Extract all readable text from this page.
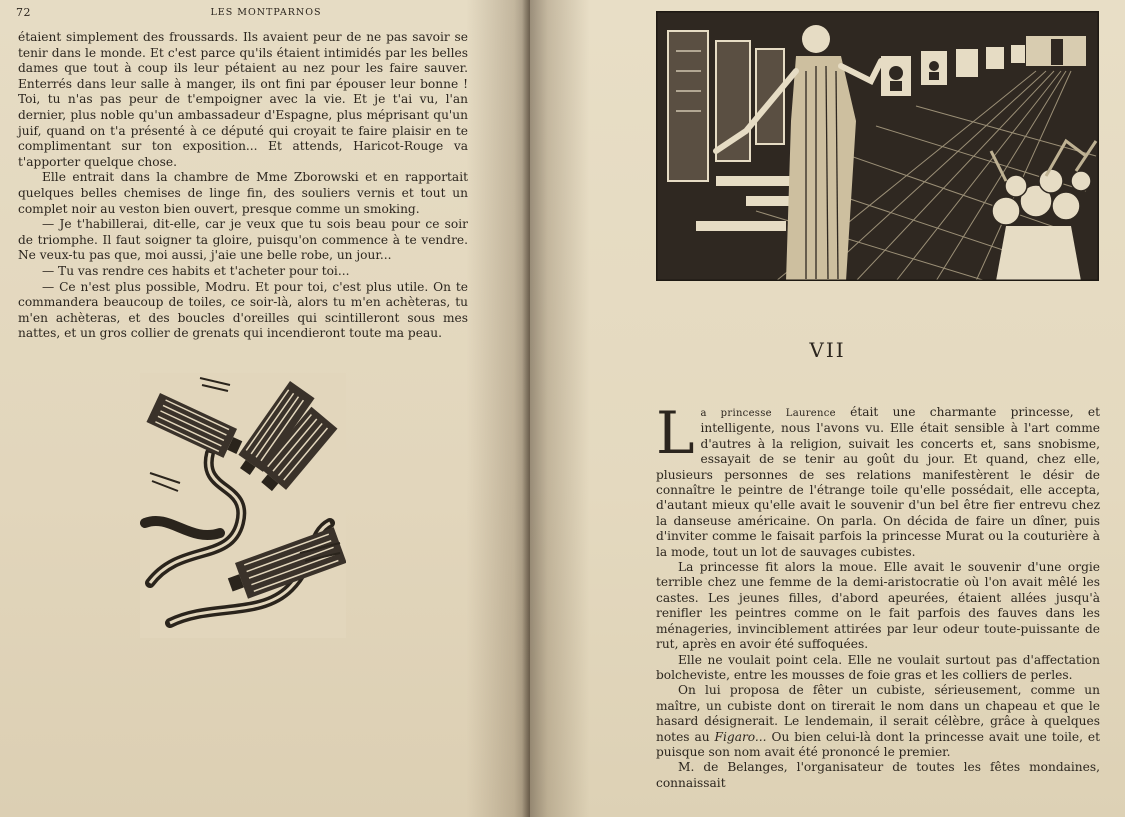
72	LES MONTPARNOS

étaient simplement des froussards. Ils avaient peur de ne pas savoir se tenir dans le monde. Et c'est parce qu'ils étaient intimidés par les belles dames que tout à coup ils leur pétaient au nez pour les faire sauver. Enterrés dans leur salle à manger, ils ont fini par épouser leur bonne ! Toi, tu n'as pas peur de t'empoigner avec la vie. Et je t'ai vu, l'an dernier, plus noble qu'un ambassadeur d'Espagne, plus méprisant qu'un juif, quand on t'a présenté à ce député qui croyait te faire plaisir en te complimentant sur ton exposition... Et attends, Haricot-Rouge va t'apporter quelque chose.

Elle entrait dans la chambre de Mme Zborowski et en rapportait quelques belles chemises de linge fin, des souliers vernis et tout un complet noir au veston bien ouvert, presque comme un smoking.

— Je t'habillerai, dit-elle, car je veux que tu sois beau pour ce soir de triomphe. Il faut soigner ta gloire, puisqu'on commence à te vendre. Ne veux-tu pas que, moi aussi, j'aie une belle robe, un jour...

— Tu vas rendre ces habits et t'acheter pour toi...

— Ce n'est plus possible, Modru. Et pour toi, c'est plus utile. On te commandera beaucoup de toiles, ce soir-là, alors tu m'en achèteras, tu m'en achèteras, et des boucles d'oreilles qui scintilleront sous mes nattes, et un gros collier de grenats qui incendieront toute ma peau.

VII

La princesse Laurence était une charmante princesse, et intelligente, nous l'avons vu. Elle était sensible à l'art comme d'autres à la religion, suivait les concerts et, sans snobisme, essayait de se tenir au goût du jour. Et quand, chez elle, plusieurs personnes de ses relations manifestèrent le désir de connaître le peintre de l'étrange toile qu'elle possédait, elle accepta, d'autant mieux qu'elle avait le souvenir d'un bel être fier entrevu chez la danseuse américaine. On parla. On décida de faire un dîner, puis d'inviter comme le faisait parfois la princesse Murat ou la couturière à la mode, tout un lot de sauvages cubistes.

La princesse fit alors la moue. Elle avait le souvenir d'une orgie terrible chez une femme de la demi-aristocratie où l'on avait mêlé les castes. Les jeunes filles, d'abord apeurées, étaient allées jusqu'à renifler les peintres comme on le fait parfois des fauves dans les ménageries, invinciblement attirées par leur odeur toute-puissante de rut, après en avoir été suffoquées.

Elle ne voulait point cela. Elle ne voulait surtout pas d'affectation bolcheviste, entre les mousses de foie gras et les colliers de perles.

On lui proposa de fêter un cubiste, sérieusement, comme un maître, un cubiste dont on tirerait le nom dans un chapeau et que le hasard désignerait. Le lendemain, il serait célèbre, grâce à quelques notes au Figaro... Ou bien celui-là dont la princesse avait une toile, et puisque son nom avait été prononcé le premier.

M. de Belanges, l'organisateur de toutes les fêtes mondaines, connaissait
